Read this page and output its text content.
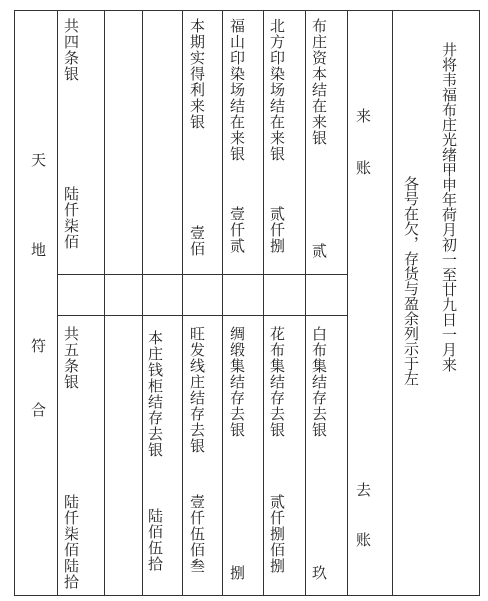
井将韦福布庄光绪甲申年荷月初一至廿九日一月来
各号在欠，存货与盈余列示于左
来
账
去
账
布庄资本结在来银
贰
北方印染场结在来银
贰仟捌
福山印染场结在来银
壹仟贰
本期实得利来银
壹佰
共四条银
陆仟柒佰
白布集结存去银
玖
花布集结存去银
贰仟捌佰捌
绸缎集结存去银
捌
旺发线庄结存去银
壹仟伍佰叁
本庄钱柜结存去银
陆佰伍拾
共五条银
陆仟柒佰陆拾
天
地
符
合
